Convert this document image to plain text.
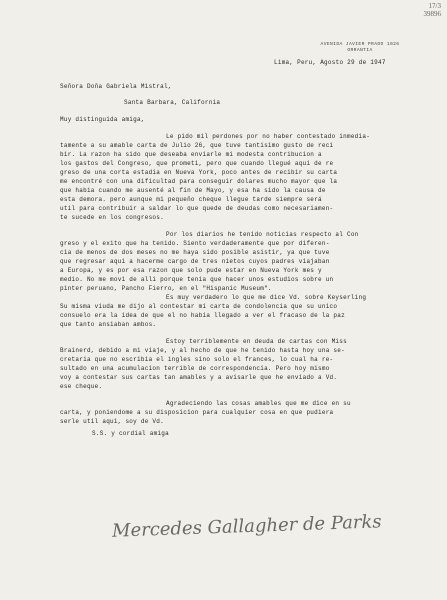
17/3
39896
AVENIDA JAVIER PRADO 1026
ORRANTIA
Lima, Peru, Agosto 29 de 1947
Señora Doña Gabriela Mistral,
Santa Barbara, California
Muy distinguida amiga,
Le pido mil perdones por no haber contestado inmedia-
tamente a su amable carta de Julio 26, que tuve tantisimo gusto de reci
bir. La razon ha sido que deseaba enviarle mi modesta contribucion a
los gastos del Congreso, que prometi, pero que cuando llegué aqui de re
greso de una corta estadía en Nueva York, poco antes de recibir su carta
me encontré con una dificultad para conseguir dolares mucho mayor que la
que habia cuando me ausenté al fin de Mayo, y esa ha sido la causa de
esta demora. pero aunque mi pequeño cheque llegue tarde siempre será
util para contribuir a saldar lo que quede de deudas como necesariamen-
te sucede en los congresos.
Por los diarios he tenido noticias respecto al Con
greso y el exito que ha tenido. Siento verdaderamente que por diferen-
cia de menos de dos meses no me haya sido posible asistir, ya que tuve
que regresar aqui a hacerme cargo de tres nietos cuyos padres viajaban
a Europa, y es por esa razon que solo pude estar en Nueva York mes y
medio. No me movi de alli porque tenia que hacer unos estudios sobre un
pinter peruano, Pancho Fierro, en el "Hispanic Museum".
Es muy verdadero lo que me dice Vd. sobre Keyserling
Su misma viuda me dijo al contestar mi carta de condolencia que su unico
consuelo era la idea de que el no habia llegado a ver el fracaso de la paz
que tanto ansiaban ambos.
Estoy terriblemente en deuda de cartas con Miss
Brainerd, debido a mi viaje, y al hecho de que he tenido hasta hoy una se-
cretaria que no escribia el ingles sino solo el frances, lo cual ha re-
sultado en una acumulacion terrible de correspondencia. Pero hoy mismo
voy a contestar sus cartas tan amables y a avisarle que he enviado a Vd.
ese cheque.
Agradeciendo las cosas amables que me dice en su
carta, y poniendome a su disposicion para cualquier cosa en que pudiera
serle util aqui, soy de Vd.
S.S. y cordial amiga
Mercedes Gallagher de Parks
